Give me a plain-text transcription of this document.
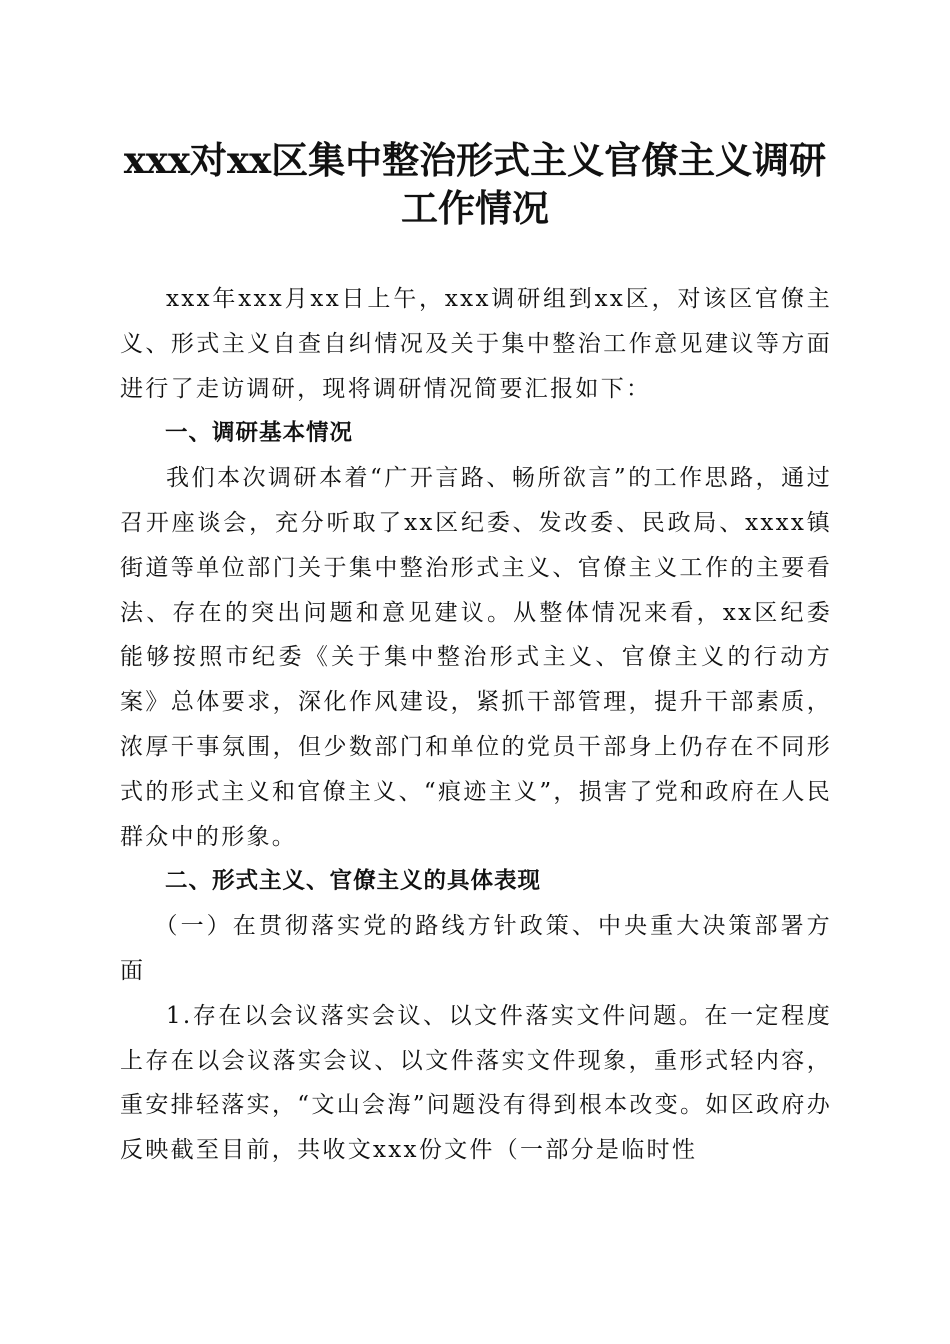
xxx对xx区集中整治形式主义官僚主义调研工作情况

xxx年xxx月xx日上午，xxx调研组到xx区，对该区官僚主义、形式主义自查自纠情况及关于集中整治工作意见建议等方面进行了走访调研，现将调研情况简要汇报如下：

一、调研基本情况

我们本次调研本着“广开言路、畅所欲言”的工作思路，通过召开座谈会，充分听取了xx区纪委、发改委、民政局、xxxx镇街道等单位部门关于集中整治形式主义、官僚主义工作的主要看法、存在的突出问题和意见建议。从整体情况来看，xx区纪委能够按照市纪委《关于集中整治形式主义、官僚主义的行动方案》总体要求，深化作风建设，紧抓干部管理，提升干部素质，浓厚干事氛围，但少数部门和单位的党员干部身上仍存在不同形式的形式主义和官僚主义、“痕迹主义”，损害了党和政府在人民群众中的形象。

二、形式主义、官僚主义的具体表现

（一）在贯彻落实党的路线方针政策、中央重大决策部署方面

1.存在以会议落实会议、以文件落实文件问题。在一定程度上存在以会议落实会议、以文件落实文件现象，重形式轻内容，重安排轻落实，“文山会海”问题没有得到根本改变。如区政府办反映截至目前，共收文xxx份文件（一部分是临时性
